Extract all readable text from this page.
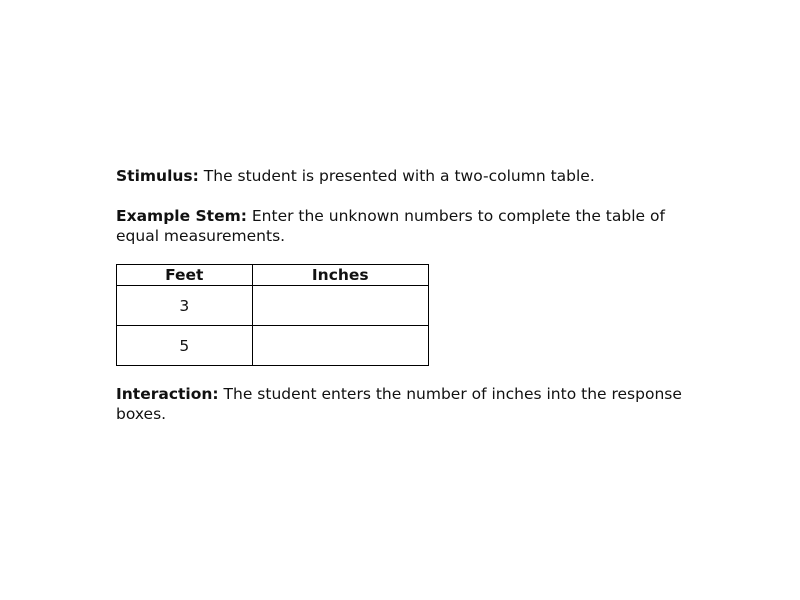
Stimulus: The student is presented with a two-column table.

Example Stem: Enter the unknown numbers to complete the table of equal measurements.

Feet	Inches
3	

5	

Interaction: The student enters the number of inches into the response boxes.
